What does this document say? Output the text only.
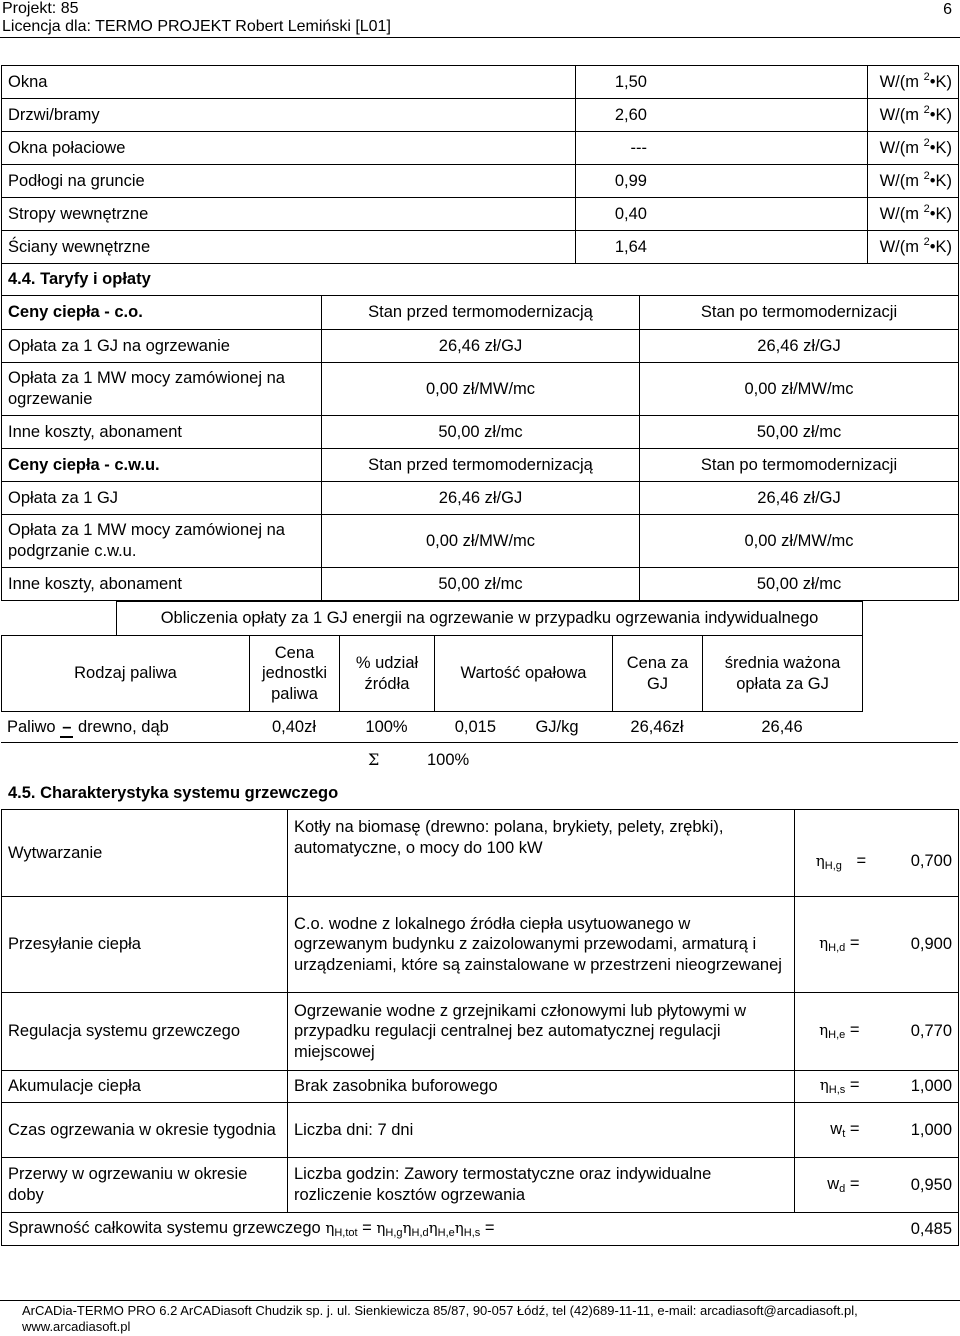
Projekt: 85
Licencja dla: TERMO PROJEKT Robert Lemiński [L01]
6
Okna	1,50	W/(m $^2$•K)
Drzwi/bramy	2,60	W/(m $^2$•K)
Okna połaciowe	---	W/(m $^2$•K)
Podłogi na gruncie	0,99	W/(m $^2$•K)
Stropy wewnętrzne	0,40	W/(m $^2$•K)
Ściany wewnętrzne	1,64	W/(m $^2$•K)
4.4. Taryfy i opłaty		
Ceny ciepła - c.o.	Stan przed termomodernizacją	Stan po termomodernizacji
Opłata za 1 GJ na ogrzewanie	26,46 zł/GJ	26,46 zł/GJ
Opłata za 1 MW mocy zamówionej na ogrzewanie	0,00 zł/MW/mc	0,00 zł/MW/mc
Inne koszty, abonament	50,00 zł/mc	50,00 zł/mc
Ceny ciepła - c.w.u.	Stan przed termomodernizacją	Stan po termomodernizacji
Opłata za 1 GJ	26,46 zł/GJ	26,46 zł/GJ
Opłata za 1 MW mocy zamówionej na podgrzanie c.w.u.	0,00 zł/MW/mc	0,00 zł/MW/mc
Inne koszty, abonament	50,00 zł/mc	50,00 zł/mc
	Obliczenia opłaty za 1 GJ energii na ogrzewanie w przypadku ogrzewania indywidualnego						
Rodzaj paliwa		Cena jednostki paliwa	% udział źródła	Wartość opałowa	Cena za GJ	średnia ważona opłata za GJ	
Paliwo – drewno, dąb	0,40zł	100%	0,015	GJ/kg	26,46zł	26,46	
Σ	100%
4.5. Charakterystyka systemu grzewczego
Wytwarzanie	Kotły na biomasę (drewno: polana, brykiety, pelety, zrębki), automatyczne, o mocy do 100 kW	$\eta_{H,g}$ =	0,700
Przesyłanie ciepła	C.o. wodne z lokalnego źródła ciepła usytuowanego w ogrzewanym budynku z zaizolowanymi przewodami, armaturą i urządzeniami, które są zainstalowane w przestrzeni nieogrzewanej	$\eta_{H,d}$ =	0,900
Regulacja systemu grzewczego	Ogrzewanie wodne z grzejnikami członowymi lub płytowymi w przypadku regulacji centralnej bez automatycznej regulacji miejscowej	$\eta_{H,e}$ =	0,770
Akumulacje ciepła	Brak zasobnika buforowego	$\eta_{H,s}$ =	1,000
Czas ogrzewania w okresie tygodnia	Liczba dni: 7 dni	$w_t$ =	1,000
Przerwy w ogrzewaniu w okresie doby	Liczba godzin: Zawory termostatyczne oraz indywidualne rozliczenie kosztów ogrzewania	$w_d$ =	0,950
Sprawność całkowita systemu grzewczego $\eta_{H,tot} = \eta_{H,g}\eta_{H,d}\eta_{H,e}\eta_{H,s}$ =			0,485
ArCADia-TERMO PRO 6.2 ArCADiasoft Chudzik sp. j. ul. Sienkiewicza 85/87, 90-057 Łódź, tel (42)689-11-11, e-mail: arcadiasoft@arcadiasoft.pl, www.arcadiasoft.pl
